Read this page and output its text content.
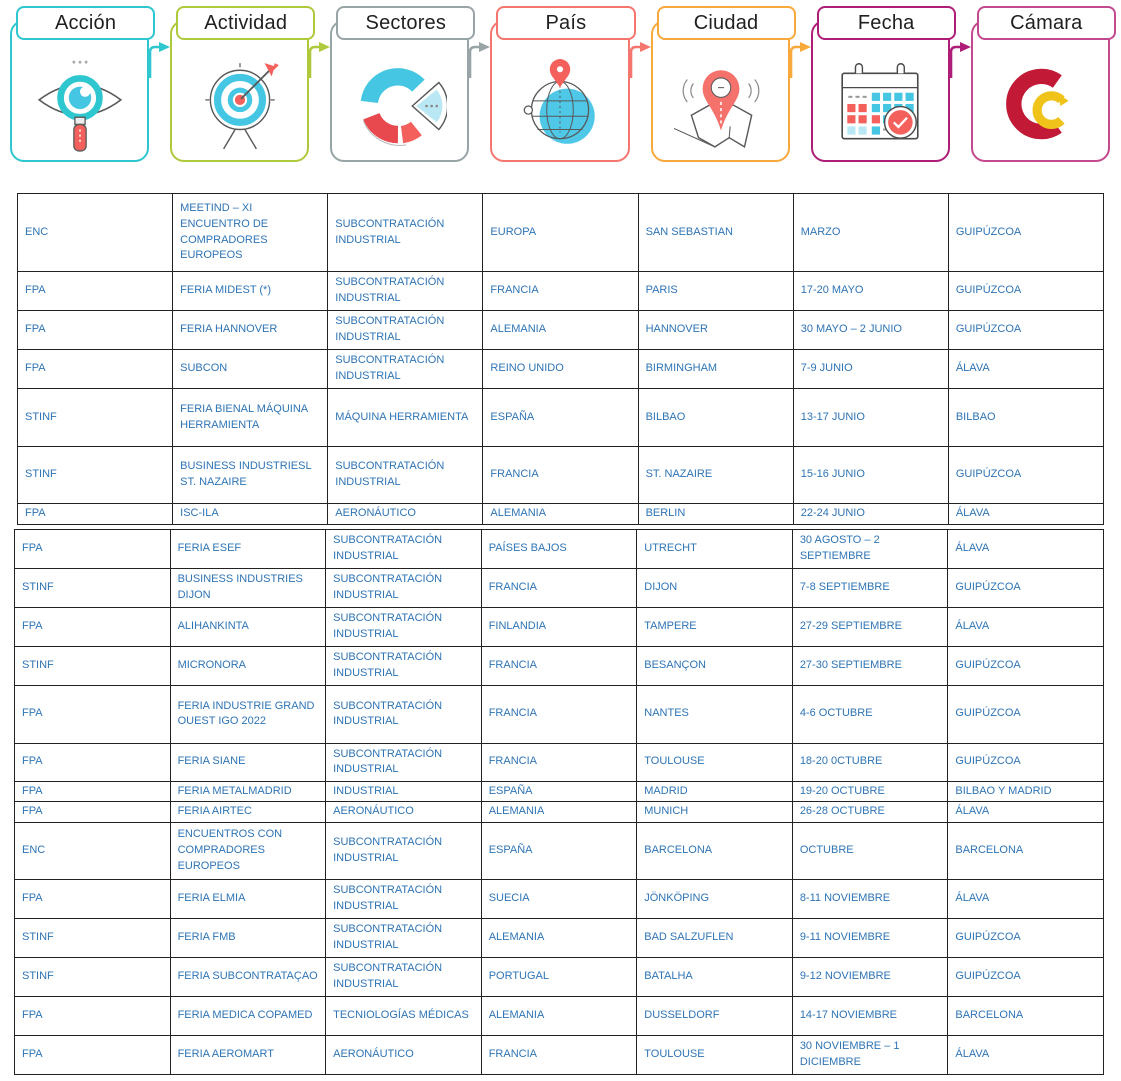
Acción	Actividad	Sectores	País	Ciudad	Fecha	Cámara
ENC	MEETIND – XI ENCUENTRO DE COMPRADORES EUROPEOS	SUBCONTRATACIÓN INDUSTRIAL	EUROPA	SAN SEBASTIAN	MARZO	GUIPÚZCOA
FPA	FERIA MIDEST (*)	SUBCONTRATACIÓN INDUSTRIAL	FRANCIA	PARIS	17-20 MAYO	GUIPÚZCOA
FPA	FERIA HANNOVER	SUBCONTRATACIÓN INDUSTRIAL	ALEMANIA	HANNOVER	30 MAYO – 2 JUNIO	GUIPÚZCOA
FPA	SUBCON	SUBCONTRATACIÓN INDUSTRIAL	REINO UNIDO	BIRMINGHAM	7-9 JUNIO	ÁLAVA
STINF	FERIA BIENAL MÁQUINA HERRAMIENTA	MÁQUINA HERRAMIENTA	ESPAÑA	BILBAO	13-17 JUNIO	BILBAO
STINF	BUSINESS INDUSTRIESL ST. NAZAIRE	SUBCONTRATACIÓN INDUSTRIAL	FRANCIA	ST. NAZAIRE	15-16 JUNIO	GUIPÚZCOA
FPA	ISC-ILA	AERONÁUTICO	ALEMANIA	BERLIN	22-24 JUNIO	ÁLAVA
FPA	FERIA ESEF	SUBCONTRATACIÓN INDUSTRIAL	PAÍSES BAJOS	UTRECHT	30 AGOSTO – 2 SEPTIEMBRE	ÁLAVA
STINF	BUSINESS INDUSTRIES DIJON	SUBCONTRATACIÓN INDUSTRIAL	FRANCIA	DIJON	7-8 SEPTIEMBRE	GUIPÚZCOA
FPA	ALIHANKINTA	SUBCONTRATACIÓN INDUSTRIAL	FINLANDIA	TAMPERE	27-29 SEPTIEMBRE	ÁLAVA
STINF	MICRONORA	SUBCONTRATACIÓN INDUSTRIAL	FRANCIA	BESANÇON	27-30 SEPTIEMBRE	GUIPÚZCOA
FPA	FERIA INDUSTRIE GRAND OUEST IGO 2022	SUBCONTRATACIÓN INDUSTRIAL	FRANCIA	NANTES	4-6 OCTUBRE	GUIPÚZCOA
FPA	FERIA SIANE	SUBCONTRATACIÓN INDUSTRIAL	FRANCIA	TOULOUSE	18-20 0CTUBRE	GUIPÚZCOA
FPA	FERIA METALMADRID	INDUSTRIAL	ESPAÑA	MADRID	19-20 OCTUBRE	BILBAO Y MADRID
FPA	FERIA AIRTEC	AERONÁUTICO	ALEMANIA	MUNICH	26-28 OCTUBRE	ÁLAVA
ENC	ENCUENTROS CON COMPRADORES EUROPEOS	SUBCONTRATACIÓN INDUSTRIAL	ESPAÑA	BARCELONA	OCTUBRE	BARCELONA
FPA	FERIA ELMIA	SUBCONTRATACIÓN INDUSTRIAL	SUECIA	JÖNKÖPING	8-11 NOVIEMBRE	ÁLAVA
STINF	FERIA FMB	SUBCONTRATACIÓN INDUSTRIAL	ALEMANIA	BAD SALZUFLEN	9-11 NOVIEMBRE	GUIPÚZCOA
STINF	FERIA SUBCONTRATAÇAO	SUBCONTRATACIÓN INDUSTRIAL	PORTUGAL	BATALHA	9-12 NOVIEMBRE	GUIPÚZCOA
FPA	FERIA MEDICA COPAMED	TECNIOLOGÍAS MÉDICAS	ALEMANIA	DUSSELDORF	14-17 NOVIEMBRE	BARCELONA
FPA	FERIA AEROMART	AERONÁUTICO	FRANCIA	TOULOUSE	30 NOVIEMBRE – 1 DICIEMBRE	ÁLAVA
